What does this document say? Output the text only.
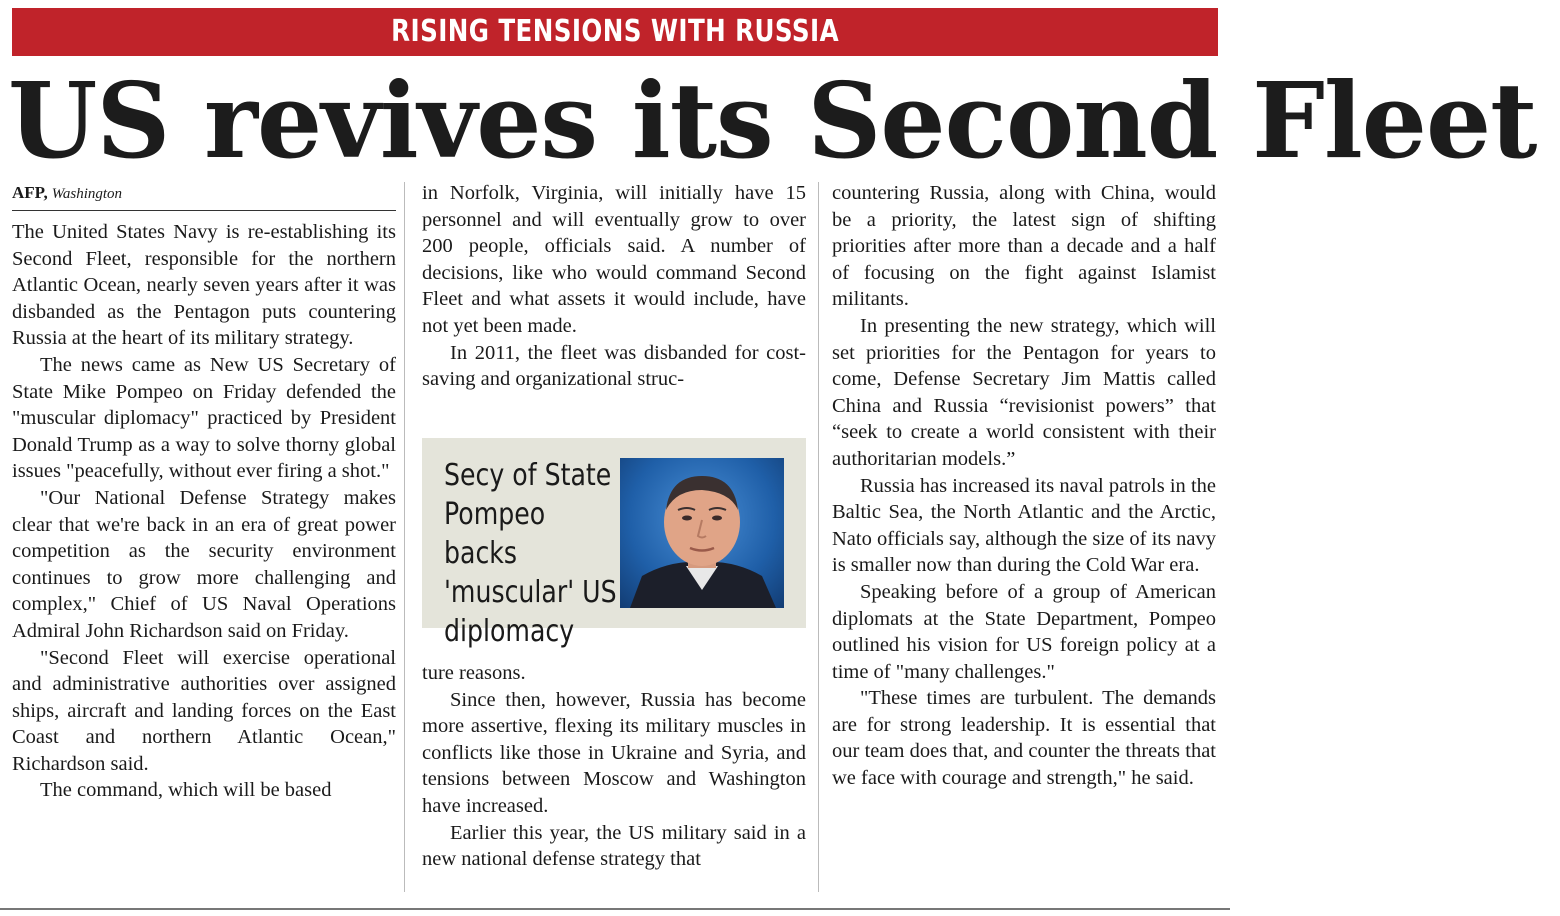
RISING TENSIONS WITH RUSSIA
US revives its Second Fleet
AFP, Washington

The United States Navy is re-establishing its Second Fleet, responsible for the northern Atlantic Ocean, nearly seven years after it was disbanded as the Pentagon puts countering Russia at the heart of its military strategy.

The news came as New US Secretary of State Mike Pompeo on Friday defended the "muscular diplomacy" practiced by President Donald Trump as a way to solve thorny global issues "peacefully, without ever firing a shot."

"Our National Defense Strategy makes clear that we're back in an era of great power competition as the security environment continues to grow more challenging and complex," Chief of US Naval Operations Admiral John Richardson said on Friday.

"Second Fleet will exercise operational and administrative authorities over assigned ships, aircraft and landing forces on the East Coast and northern Atlantic Ocean," Richardson said.

The command, which will be based

in Norfolk, Virginia, will initially have 15 personnel and will eventually grow to over 200 people, officials said. A number of decisions, like who would command Second Fleet and what assets it would include, have not yet been made.

In 2011, the fleet was disbanded for cost-saving and organizational struc-

Secy of State Pompeo backs 'muscular' US diplomacy

ture reasons.

Since then, however, Russia has become more assertive, flexing its military muscles in conflicts like those in Ukraine and Syria, and tensions between Moscow and Washington have increased.

Earlier this year, the US military said in a new national defense strategy that

countering Russia, along with China, would be a priority, the latest sign of shifting priorities after more than a decade and a half of focusing on the fight against Islamist militants.

In presenting the new strategy, which will set priorities for the Pentagon for years to come, Defense Secretary Jim Mattis called China and Russia “revisionist powers” that “seek to create a world consistent with their authoritarian models.”

Russia has increased its naval patrols in the Baltic Sea, the North Atlantic and the Arctic, Nato officials say, although the size of its navy is smaller now than during the Cold War era.

Speaking before of a group of American diplomats at the State Department, Pompeo outlined his vision for US foreign policy at a time of "many challenges."

"These times are turbulent. The demands are for strong leadership. It is essential that our team does that, and counter the threats that we face with courage and strength," he said.
